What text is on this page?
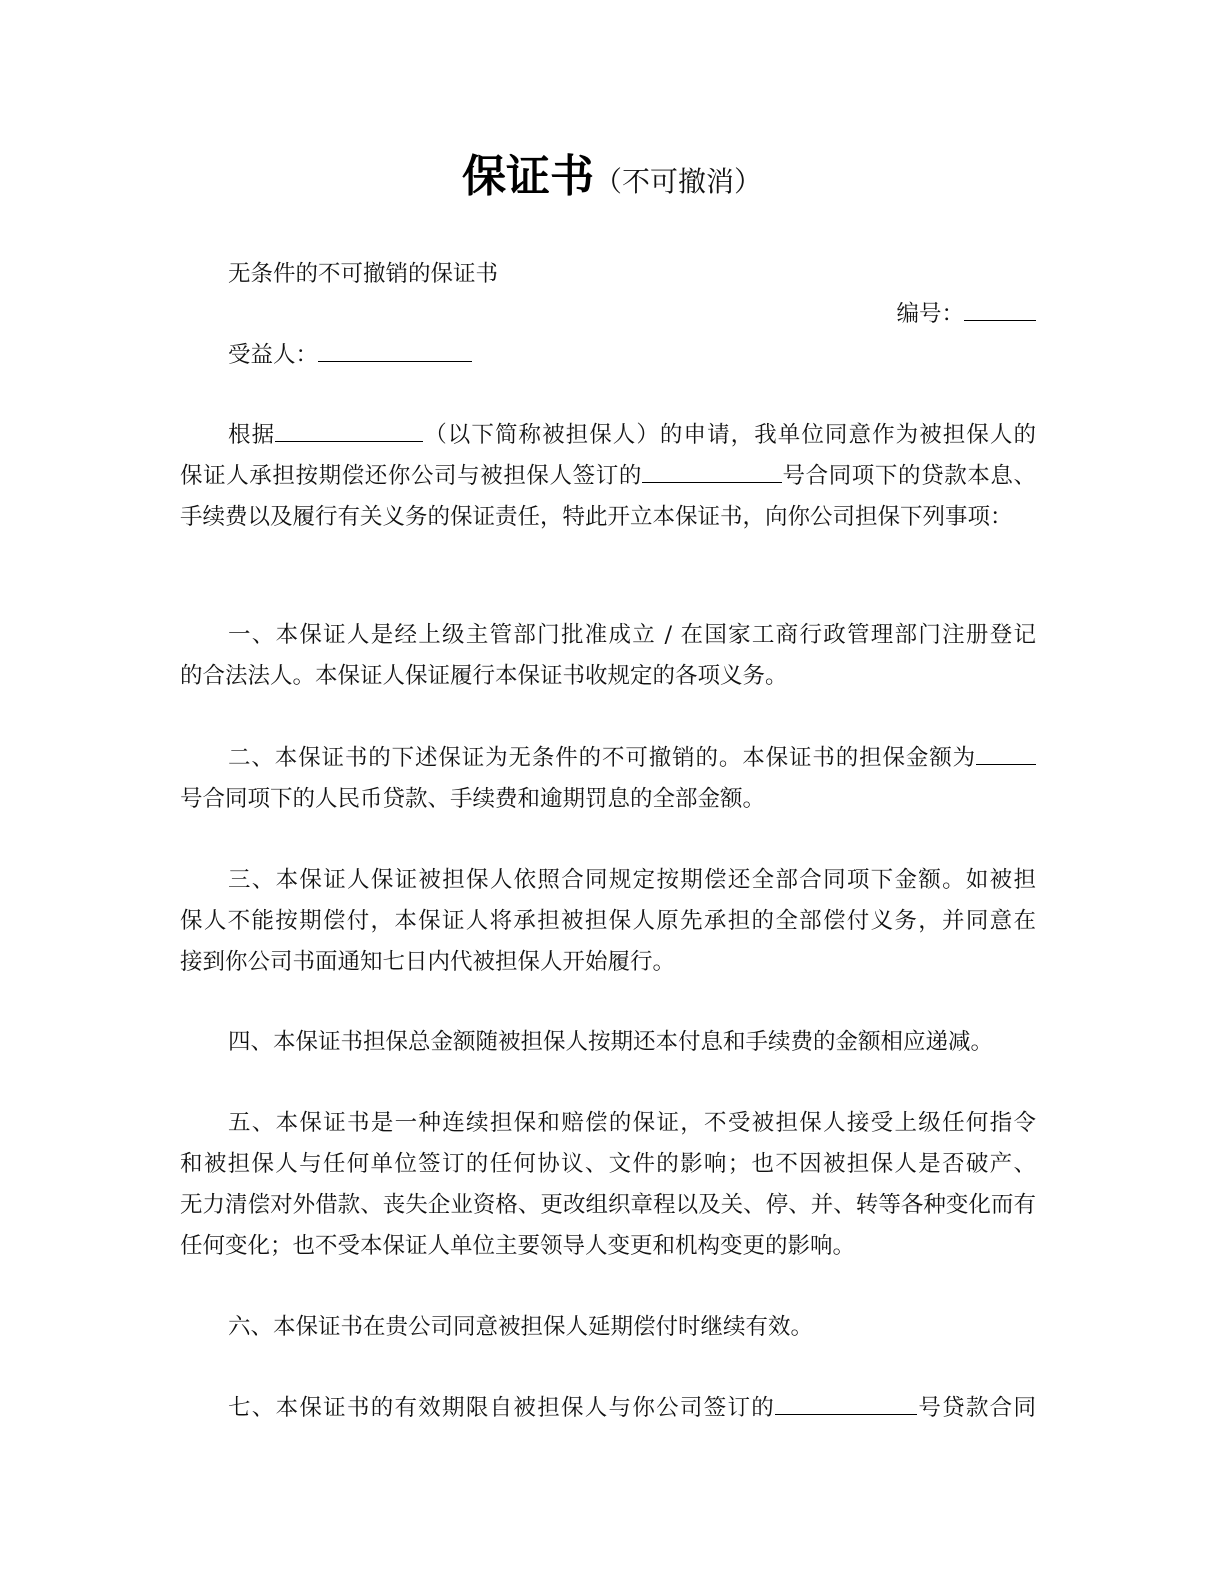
保证书（不可撤消）
无条件的不可撤销的保证书
编号：
受益人：
根据	（以下简称被担保人）的申请，我单位同意作为被担保人的
保证人承担按期偿还你公司与被担保人签订的	号合同项下的贷款本息、
手续费以及履行有关义务的保证责任，特此开立本保证书，向你公司担保下列事项：
一、本保证人是经上级主管部门批准成立 / 在国家工商行政管理部门注册登记
的合法法人。本保证人保证履行本保证书收规定的各项义务。
二、本保证书的下述保证为无条件的不可撤销的。本保证书的担保金额为
号合同项下的人民币贷款、手续费和逾期罚息的全部金额。
三、本保证人保证被担保人依照合同规定按期偿还全部合同项下金额。如被担
保人不能按期偿付，本保证人将承担被担保人原先承担的全部偿付义务，并同意在
接到你公司书面通知七日内代被担保人开始履行。
四、本保证书担保总金额随被担保人按期还本付息和手续费的金额相应递减。
五、本保证书是一种连续担保和赔偿的保证，不受被担保人接受上级任何指令
和被担保人与任何单位签订的任何协议、文件的影响；也不因被担保人是否破产、
无力清偿对外借款、丧失企业资格、更改组织章程以及关、停、并、转等各种变化而有
任何变化；也不受本保证人单位主要领导人变更和机构变更的影响。
六、本保证书在贵公司同意被担保人延期偿付时继续有效。
七、本保证书的有效期限自被担保人与你公司签订的	号贷款合同
